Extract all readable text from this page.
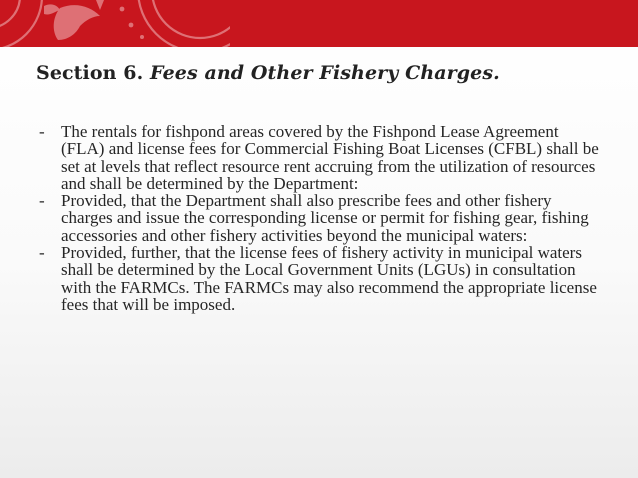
Section 6. Fees and Other Fishery Charges.
- The rentals for fishpond areas covered by the Fishpond Lease Agreement (FLA) and license fees for Commercial Fishing Boat Licenses (CFBL) shall be set at levels that reflect resource rent accruing from the utilization of resources and shall be determined by the Department:
- Provided, that the Department shall also prescribe fees and other fishery charges and issue the corresponding license or permit for fishing gear, fishing accessories and other fishery activities beyond the municipal waters:
- Provided, further, that the license fees of fishery activity in municipal waters shall be determined by the Local Government Units (LGUs) in consultation with the FARMCs. The FARMCs may also recommend the appropriate license fees that will be imposed.
